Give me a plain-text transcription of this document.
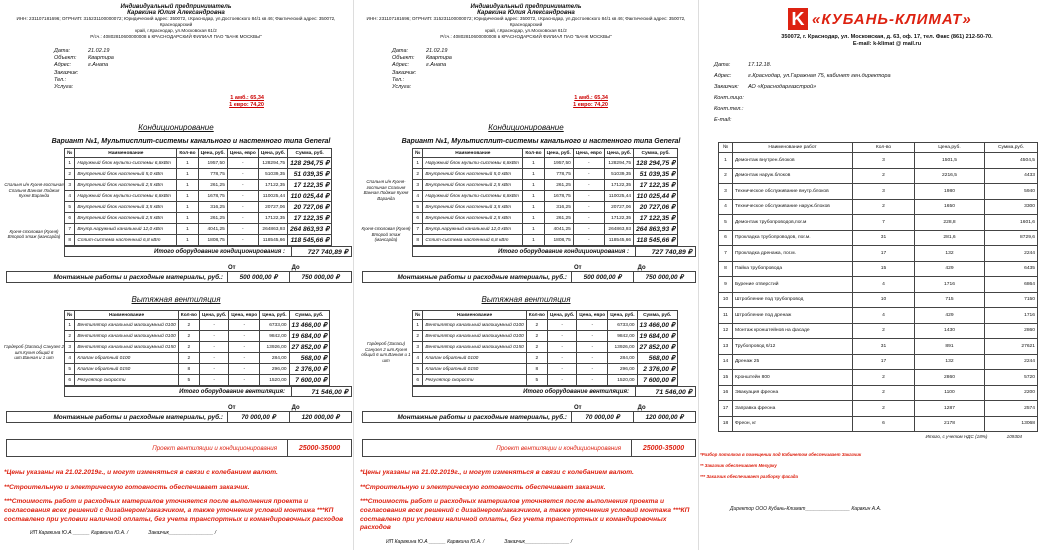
Индивидуальный предприниматель
Карвкина Юлия Александровна
ИНН: 231107181696; ОГРНИП: 315231100000072; Юридический адрес: 350072, г.Краснодар, ул.Достоевского 84/1 кв 46; Фактический адрес: 350072, Краснодарский
край, г.Краснодар, ул.Московская 61/2
Р/сч.: 40802810600000008 в КРАСНОДАРСКИЙ ФИЛИАЛ ПАО "БАНК МОСКВЫ"
Дата:	21.02.19
Объект:	Квартира
Адрес:	г.Анапа
Заказчик:
Тел.:
Услуга:
1 амб.: 65,34
1 евро: 74,20
Кондиционирование
Вариант №1, Мультисплит-системы канального и настенного типа General
Спальня и/н Кухня-гостиная Спальня Ванная Лоджия Кухня Варанда
Кухня-столовая (Кухня) Второй этаж (мансарда)
№	Наименование	Кол-во	Цена, руб.	Цена, евро	Цена, руб.	Сумма, руб.
1	Наружный блок мульти-системы 6,8кВт	1	1957,50	-	128294,75	128 294,75 ₽
2	Внутренний блок настенный 5,0 кВт	1	778,75	-	51039,35	51 039,35 ₽
3	Внутренний блок настенный 2,5 кВт	1	261,25	-	17122,35	17 122,35 ₽
4	Наружный блок мульти-системы 6,8кВт	1	1678,75	-	110025,44	110 025,44 ₽
5	Внутренний блок настенный 3,5 кВт	1	316,25	-	20727,06	20 727,06 ₽
6	Внутренний блок настенный 2,5 кВт	1	261,25	-	17122,35	17 122,35 ₽
7	Внутр.наружный канальный 12,0 кВт	1	4041,25	-	264863,93	264 863,93 ₽
8	Сплит-система настенный 6,8 кВт	1	1808,75	-	118545,66	118 545,66 ₽
Итого оборудование кондиционирования :	727 740,89 ₽
От	До
Монтажные работы и расходные материалы, руб.:	500 000,00 ₽	750 000,00 ₽
Вытяжная вентиляция
Гардероб (Запаси) Санузел 2 шт.Кухня общий 6 шт.Ванная и 1 шт
№	Наименование	Кол-во	Цена, руб.	Цена, евро	Цена, руб.	Сумма, руб.
1	Вентилятор канальный малошумный 0100	2	-	-	6733,00	13 466,00 ₽
2	Вентилятор канальный малошумный 0100	2	-	-	9842,00	19 684,00 ₽
3	Вентилятор канальный малошумный 0150	2	-	-	13926,00	27 852,00 ₽
4	Клапан обратный 0100	2	-	-	284,00	568,00 ₽
5	Клапан обратный 0150	8	-	-	296,00	2 376,00 ₽
6	Регулятор скорости	5	-	-	1520,00	7 600,00 ₽
Итого оборудование вентиляция:	71 546,00 ₽
От	До
Монтажные работы и расходные материалы, руб.:	70 000,00 ₽	120 000,00 ₽
Проект вентиляции и кондиционирования	25000-35000

*Цены указаны на 21.02.2019г., и могут изменяться в связи с колебанием валют.

**Строительную и электрическую готовность обеспечивает заказчик.

***Стоимость работ и расходных материалов уточняется после выполнения проекта и согласования всех решений с дизайнером/заказчиком, а также уточнения условий монтажа ***КП составлено при условии наличной оплаты, без учета транспортных и командировочных расходов

ИП Карвкина Ю.А ______ Карвкина Ю.А. /	Заказчик________________ /
Индивидуальный предприниматель
Карвкина Юлия Александровна
ИНН: 231107181696; ОГРНИП: 315231100000072; Юридический адрес: 350072, г.Краснодар, ул.Достоевского 84/1 кв 46; Фактический адрес: 350072, Краснодарский
край, г.Краснодар, ул.Московская 61/2
Р/сч.: 40802810600000008 в КРАСНОДАРСКИЙ ФИЛИАЛ ПАО "БАНК МОСКВЫ"
Дата:	21.02.19
Объект:	Квартира
Адрес:	г.Анапа
Заказчик:
Тел.:
Услуга:
1 амб.: 65,34
1 евро: 74,20
Кондиционирование
Вариант №1, Мультисплит-системы канального и настенного типа General
Спальня и/н Кухня-гостиная Спальня Ванная Лоджия Кухня Варанда
Кухня-столовая (Кухня) Второй этаж (мансарда)
№	Наименование	Кол-во	Цена, руб.	Цена, евро	Цена, руб.	Сумма, руб.
1	Наружный блок мульти-системы 6,8кВт	1	1957,50	-	128294,75	128 294,75 ₽
2	Внутренний блок настенный 5,0 кВт	1	778,75	-	51039,35	51 039,35 ₽
3	Внутренний блок настенный 2,5 кВт	1	261,25	-	17122,35	17 122,35 ₽
4	Наружный блок мульти-системы 6,8кВт	1	1678,75	-	110025,44	110 025,44 ₽
5	Внутренний блок настенный 3,5 кВт	1	316,25	-	20727,06	20 727,06 ₽
6	Внутренний блок настенный 2,5 кВт	1	261,25	-	17122,35	17 122,35 ₽
7	Внутр.наружный канальный 12,0 кВт	1	4041,25	-	264863,93	264 863,93 ₽
8	Сплит-система настенный 6,8 кВт	1	1808,75	-	118545,66	118 545,66 ₽
Итого оборудование кондиционирования :	727 740,89 ₽
От	До
Монтажные работы и расходные материалы, руб.:	500 000,00 ₽	750 000,00 ₽
Вытяжная вентиляция
Гардероб (Запаси) Санузел 2 шт.Кухня общий 6 шт.Ванная и 1 шт
№	Наименование	Кол-во	Цена, руб.	Цена, евро	Цена, руб.	Сумма, руб.
1	Вентилятор канальный малошумный 0100	2	-	-	6733,00	13 466,00 ₽
2	Вентилятор канальный малошумный 0100	2	-	-	9842,00	19 684,00 ₽
3	Вентилятор канальный малошумный 0150	2	-	-	13926,00	27 852,00 ₽
4	Клапан обратный 0100	2	-	-	284,00	568,00 ₽
5	Клапан обратный 0150	8	-	-	296,00	2 376,00 ₽
6	Регулятор скорости	5	-	-	1520,00	7 600,00 ₽
Итого оборудование вентиляция:	71 546,00 ₽
От	До
Монтажные работы и расходные материалы, руб.:	70 000,00 ₽	120 000,00 ₽
Проект вентиляции и кондиционирования	25000-35000

*Цены указаны на 21.02.2019г., и могут изменяться в связи с колебанием валют.

**Строительную и электрическую готовность обеспечивает заказчик.

***Стоимость работ и расходных материалов уточняется после выполнения проекта и согласования всех решений с дизайнером/заказчиком, а также уточнения условий монтажа ***КП составлено при условии наличной оплаты, без учета транспортных и командировочных расходов

ИП Карвкина Ю.А ______ Карвкина Ю.А. /	Заказчик________________ /
K «КУБАНЬ-КЛИМАТ»
350072, г. Краснодар, ул. Московская, д. 63, оф. 17, тел. Факс (861) 212-50-70.
E-mail: k-klimat @ mail.ru
Дата:	17.12.18.
Адрес:	г.Краснодар, ул.Гаражная 75, кабинет ген.директора
Заказчик:	АО «Краснодаргазстрой»
Конт.лицо:
Конт.тел.:
E-mail:
№	Наименование работ	Кол-во	Цена,руб.	Сумма,руб.
1	Демонтаж внутрен.блоков	3	1501,5	4504,5
2	Демонтаж наруж.блоков	2	2216,5	4433
3	Техническое обслуживание внутр.блоков	3	1980	5940
4	Техническое обслуживание наруж.блоков	2	1650	3300
5	Демонтаж трубопроводов,пог.м	7	228,8	1601,6
6	Прокладка трубопроводов, пог.м.	31	281,6	8729,6
7	Прокладка дренажа, пог.м.	17	132	2244
8	Пайка трубопровода	15	429	6435
9	Бурение отверстий	4	1716	6864
10	Штробление под трубопровод	10	715	7150
11	Штробление под дренаж	4	429	1716
12	Монтаж кронштейнов на фасаде	2	1430	2860
13	Трубопровод 6/12	31	891	27621
14	Дренаж 25	17	132	2244
15	Кронштейн 800	2	2860	5720
16	Эвакуация фреона	2	1100	2200
17	Заправка фреона	2	1287	2574
18	Фреон, кг	6	2178	13068
Итого, с учетом НДС (18%)	109304
*Разбор потолков в помещении под Кабинетом обеспечивает Заказчик
** Заказчик обеспечивает Мехурку
*** Заказчик обеспечивает разборку фасада
Директор ООО Кубань-Климат________________ Карвкин А.А.
